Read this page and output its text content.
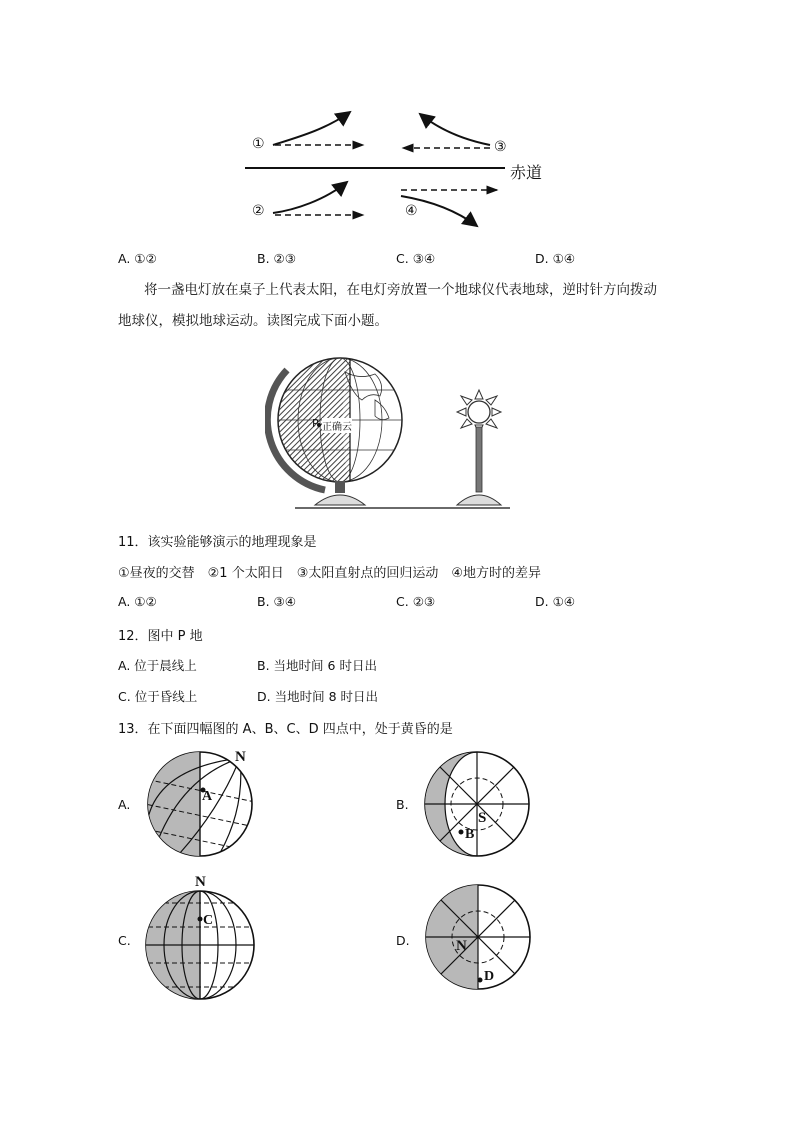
①	③
②	④
赤道
A. ①②	B. ②③	C. ③④	D. ①④
将一盏电灯放在桌子上代表太阳，在电灯旁放置一个地球仪代表地球，逆时针方向拨动
地球仪，模拟地球运动。读图完成下面小题。
P 正确云
11．该实验能够演示的地理现象是
①昼夜的交替　②1 个太阳日　③太阳直射点的回归运动　④地方时的差异
A. ①②	B. ③④	C. ②③	D. ①④
12．图中 P 地
A. 位于晨线上	B. 当地时间 6 时日出
C. 位于昏线上	D. 当地时间 8 时日出
13．在下面四幅图的 A、B、C、D 四点中，处于黄昏的是
A.
N
A
B.
S
B
C.
N
C
D.	N
D
